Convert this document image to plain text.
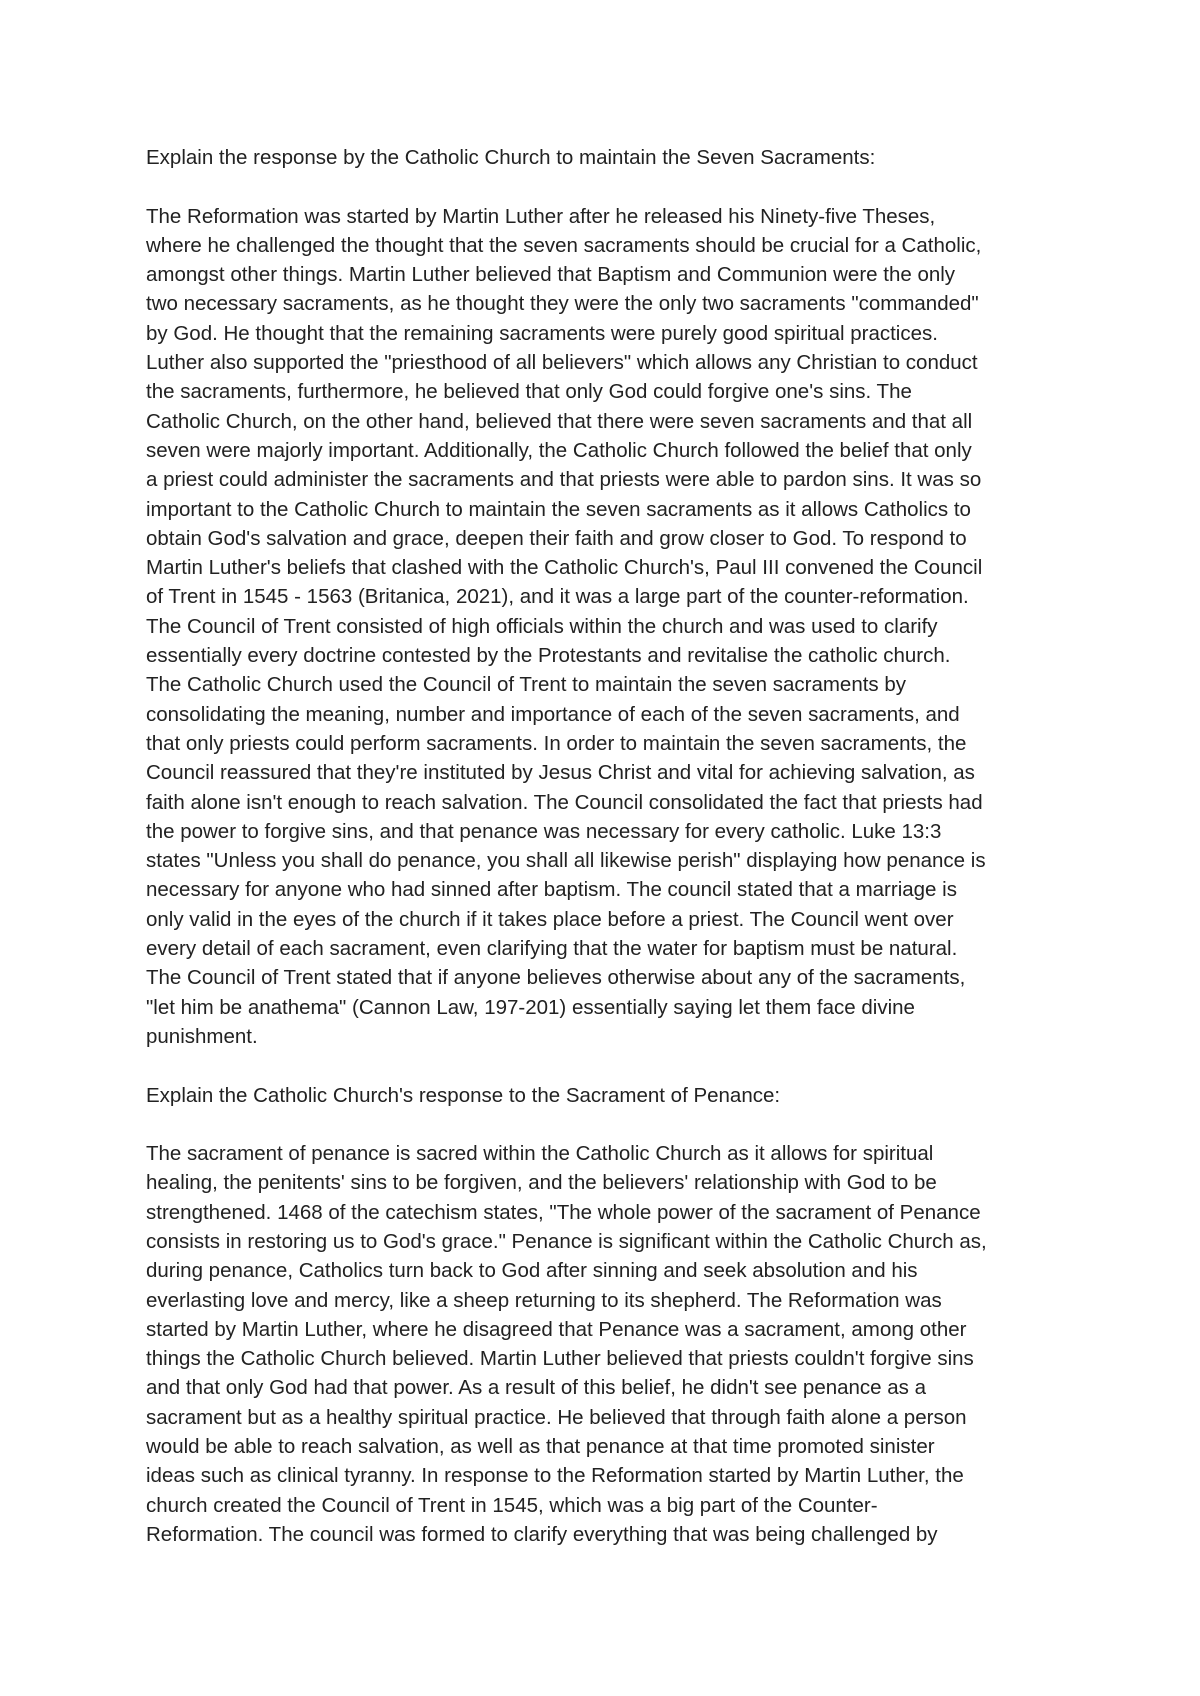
Explain the response by the Catholic Church to maintain the Seven Sacraments:
The Reformation was started by Martin Luther after he released his Ninety-five Theses,
where he challenged the thought that the seven sacraments should be crucial for a Catholic,
amongst other things. Martin Luther believed that Baptism and Communion were the only
two necessary sacraments, as he thought they were the only two sacraments "commanded"
by God. He thought that the remaining sacraments were purely good spiritual practices.
Luther also supported the "priesthood of all believers" which allows any Christian to conduct
the sacraments, furthermore, he believed that only God could forgive one's sins. The
Catholic Church, on the other hand, believed that there were seven sacraments and that all
seven were majorly important. Additionally, the Catholic Church followed the belief that only
a priest could administer the sacraments and that priests were able to pardon sins. It was so
important to the Catholic Church to maintain the seven sacraments as it allows Catholics to
obtain God's salvation and grace, deepen their faith and grow closer to God. To respond to
Martin Luther's beliefs that clashed with the Catholic Church's, Paul III convened the Council
of Trent in 1545 - 1563 (Britanica, 2021), and it was a large part of the counter-reformation.
The Council of Trent consisted of high officials within the church and was used to clarify
essentially every doctrine contested by the Protestants and revitalise the catholic church.
The Catholic Church used the Council of Trent to maintain the seven sacraments by
consolidating the meaning, number and importance of each of the seven sacraments, and
that only priests could perform sacraments. In order to maintain the seven sacraments, the
Council reassured that they're instituted by Jesus Christ and vital for achieving salvation, as
faith alone isn't enough to reach salvation. The Council consolidated the fact that priests had
the power to forgive sins, and that penance was necessary for every catholic. Luke 13:3
states "Unless you shall do penance, you shall all likewise perish" displaying how penance is
necessary for anyone who had sinned after baptism. The council stated that a marriage is
only valid in the eyes of the church if it takes place before a priest. The Council went over
every detail of each sacrament, even clarifying that the water for baptism must be natural.
The Council of Trent stated that if anyone believes otherwise about any of the sacraments,
"let him be anathema" (Cannon Law, 197-201) essentially saying let them face divine
punishment.
Explain the Catholic Church's response to the Sacrament of Penance:
The sacrament of penance is sacred within the Catholic Church as it allows for spiritual
healing, the penitents' sins to be forgiven, and the believers' relationship with God to be
strengthened. 1468 of the catechism states, "The whole power of the sacrament of Penance
consists in restoring us to God's grace." Penance is significant within the Catholic Church as,
during penance, Catholics turn back to God after sinning and seek absolution and his
everlasting love and mercy, like a sheep returning to its shepherd. The Reformation was
started by Martin Luther, where he disagreed that Penance was a sacrament, among other
things the Catholic Church believed. Martin Luther believed that priests couldn't forgive sins
and that only God had that power. As a result of this belief, he didn't see penance as a
sacrament but as a healthy spiritual practice. He believed that through faith alone a person
would be able to reach salvation, as well as that penance at that time promoted sinister
ideas such as clinical tyranny. In response to the Reformation started by Martin Luther, the
church created the Council of Trent in 1545, which was a big part of the Counter-
Reformation. The council was formed to clarify everything that was being challenged by
